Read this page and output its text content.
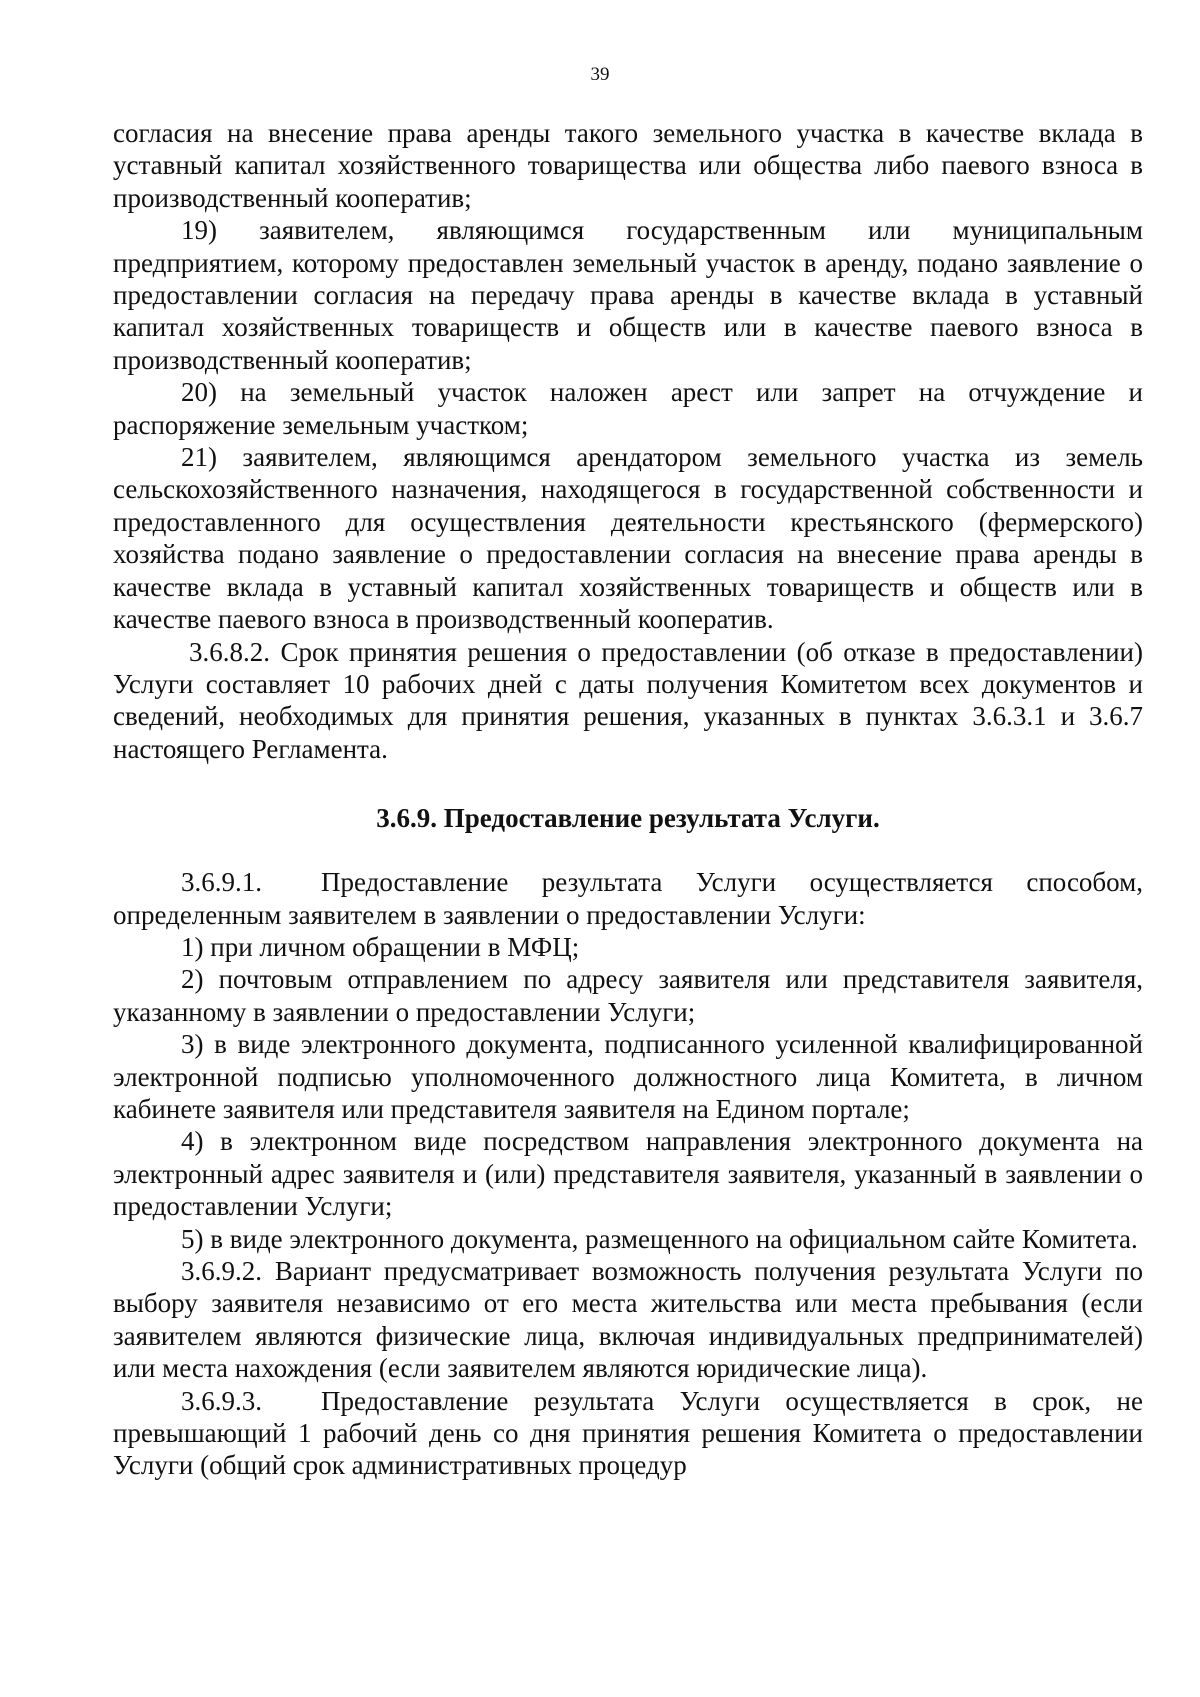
39

согласия на внесение права аренды такого земельного участка в качестве вклада в уставный капитал хозяйственного товарищества или общества либо паевого взноса в производственный кооператив;

19) заявителем, являющимся государственным или муниципальным предприятием, которому предоставлен земельный участок в аренду, подано заявление о предоставлении согласия на передачу права аренды в качестве вклада в уставный капитал хозяйственных товариществ и обществ или в качестве паевого взноса в производственный кооператив;

20) на земельный участок наложен арест или запрет на отчуждение и распоряжение земельным участком;

21) заявителем, являющимся арендатором земельного участка из земель сельскохозяйственного назначения, находящегося в государственной собственности и предоставленного для осуществления деятельности крестьянского (фермерского) хозяйства подано заявление о предоставлении согласия на внесение права аренды в качестве вклада в уставный капитал хозяйственных товариществ и обществ или в качестве паевого взноса в производственный кооператив.

3.6.8.2. Срок принятия решения о предоставлении (об отказе в предоставлении) Услуги составляет 10 рабочих дней с даты получения Комитетом всех документов и сведений, необходимых для принятия решения, указанных в пунктах 3.6.3.1 и 3.6.7 настоящего Регламента.

3.6.9. Предоставление результата Услуги.

3.6.9.1. Предоставление результата Услуги осуществляется способом, определенным заявителем в заявлении о предоставлении Услуги:

1) при личном обращении в МФЦ;

2) почтовым отправлением по адресу заявителя или представителя заявителя, указанному в заявлении о предоставлении Услуги;

3) в виде электронного документа, подписанного усиленной квалифицированной электронной подписью уполномоченного должностного лица Комитета, в личном кабинете заявителя или представителя заявителя на Едином портале;

4) в электронном виде посредством направления электронного документа на электронный адрес заявителя и (или) представителя заявителя, указанный в заявлении о предоставлении Услуги;

5) в виде электронного документа, размещенного на официальном сайте Комитета.

3.6.9.2. Вариант предусматривает возможность получения результата Услуги по выбору заявителя независимо от его места жительства или места пребывания (если заявителем являются физические лица, включая индивидуальных предпринимателей) или места нахождения (если заявителем являются юридические лица).

3.6.9.3. Предоставление результата Услуги осуществляется в срок, не превышающий 1 рабочий день со дня принятия решения Комитета о предоставлении Услуги (общий срок административных процедур
